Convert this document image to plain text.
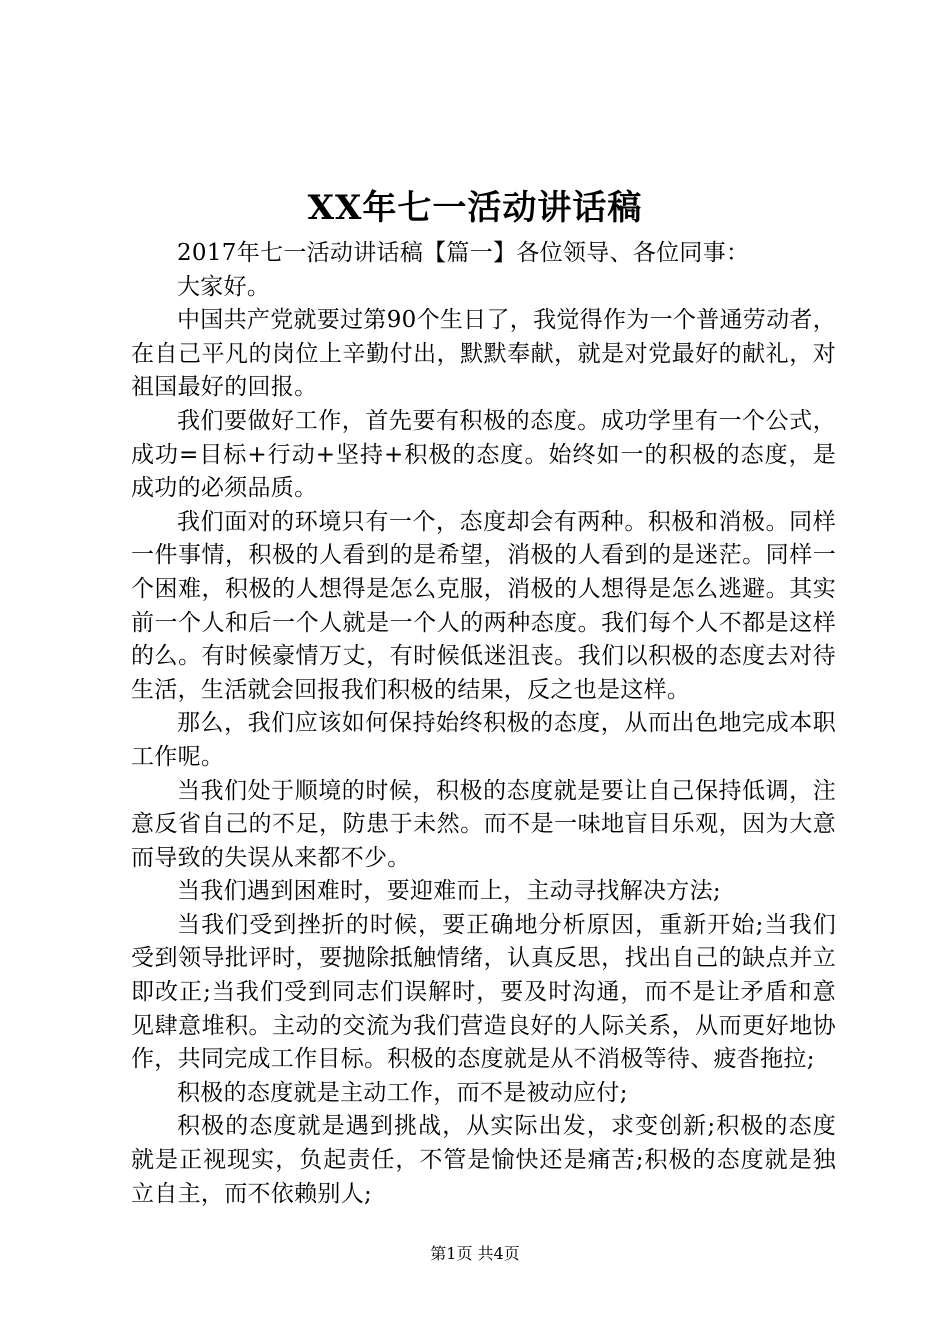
XX年七一活动讲话稿

2017年七一活动讲话稿【篇一】各位领导、各位同事：

大家好。

中国共产党就要过第90个生日了，我觉得作为一个普通劳动者，在自己平凡的岗位上辛勤付出，默默奉献，就是对党最好的献礼，对祖国最好的回报。

我们要做好工作，首先要有积极的态度。成功学里有一个公式，成功=目标+行动+坚持+积极的态度。始终如一的积极的态度，是成功的必须品质。

我们面对的环境只有一个，态度却会有两种。积极和消极。同样一件事情，积极的人看到的是希望，消极的人看到的是迷茫。同样一个困难，积极的人想得是怎么克服，消极的人想得是怎么逃避。其实前一个人和后一个人就是一个人的两种态度。我们每个人不都是这样的么。有时候豪情万丈，有时候低迷沮丧。我们以积极的态度去对待生活，生活就会回报我们积极的结果，反之也是这样。

那么，我们应该如何保持始终积极的态度，从而出色地完成本职工作呢。

当我们处于顺境的时候，积极的态度就是要让自己保持低调，注意反省自己的不足，防患于未然。而不是一味地盲目乐观，因为大意而导致的失误从来都不少。

当我们遇到困难时，要迎难而上，主动寻找解决方法;

当我们受到挫折的时候，要正确地分析原因，重新开始;当我们受到领导批评时，要抛除抵触情绪，认真反思，找出自己的缺点并立即改正;当我们受到同志们误解时，要及时沟通，而不是让矛盾和意见肆意堆积。主动的交流为我们营造良好的人际关系，从而更好地协作，共同完成工作目标。积极的态度就是从不消极等待、疲沓拖拉;

积极的态度就是主动工作，而不是被动应付;

积极的态度就是遇到挑战，从实际出发，求变创新;积极的态度就是正视现实，负起责任，不管是愉快还是痛苦;积极的态度就是独立自主，而不依赖别人;

第1页 共4页
